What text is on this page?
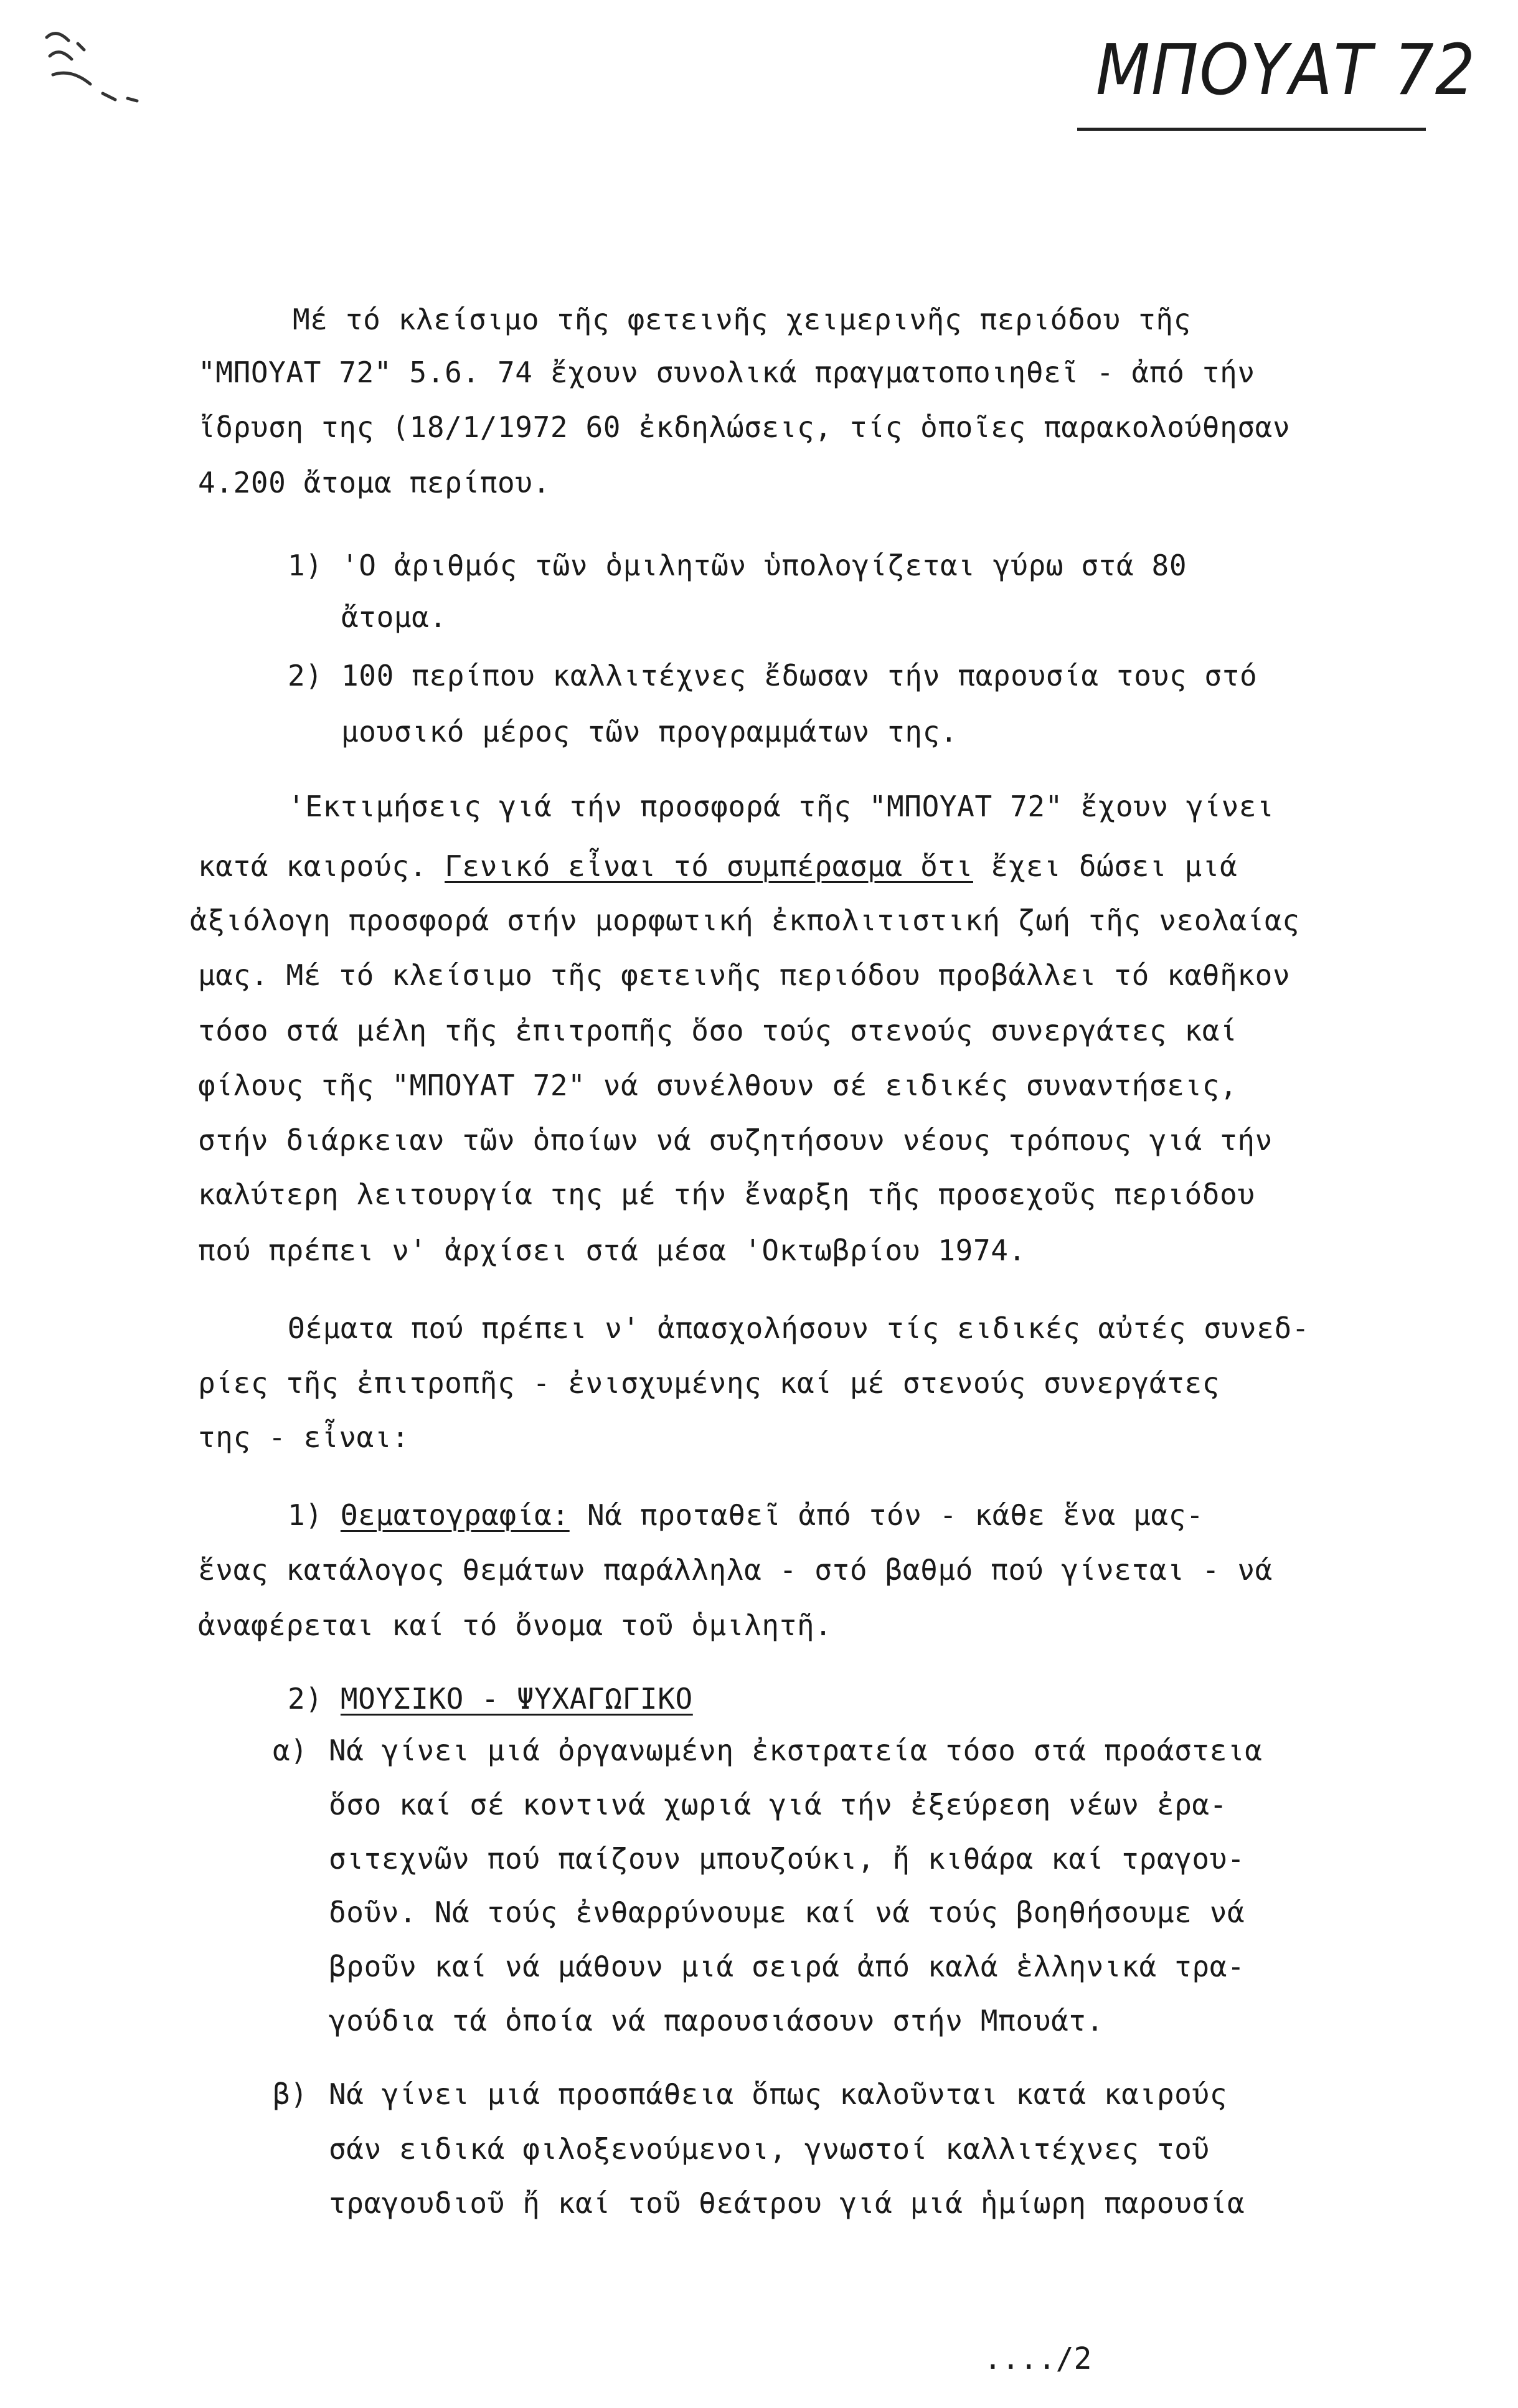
ΜΠΟΥΑΤ 72
Μέ τό κλείσιμο τῆς φετεινῆς χειμερινῆς περιόδου τῆς
"ΜΠΟΥΑΤ 72" 5.6. 74 ἔχουν συνολικά πραγματοποιηθεῖ - ἀπό τήν
ἴδρυση της (18/1/1972 60 ἐκδηλώσεις, τίς ὁποῖες παρακολούθησαν
4.200 ἄτομα περίπου.
1) 'Ο ἀριθμός τῶν ὁμιλητῶν ὑπολογίζεται γύρω στά 80
ἄτομα.
2) 100 περίπου καλλιτέχνες ἔδωσαν τήν παρουσία τους στό
μουσικό μέρος τῶν προγραμμάτων της.
'Εκτιμήσεις γιά τήν προσφορά τῆς "ΜΠΟΥΑΤ 72" ἔχουν γίνει
κατά καιρούς. Γενικό εἶναι τό συμπέρασμα ὅτι ἔχει δώσει μιά
ἀξιόλογη προσφορά στήν μορφωτική ἐκπολιτιστική ζωή τῆς νεολαίας
μας. Μέ τό κλείσιμο τῆς φετεινῆς περιόδου προβάλλει τό καθῆκον
τόσο στά μέλη τῆς ἐπιτροπῆς ὅσο τούς στενούς συνεργάτες καί
φίλους τῆς "ΜΠΟΥΑΤ 72" νά συνέλθουν σέ ειδικές συναντήσεις,
στήν διάρκειαν τῶν ὁποίων νά συζητήσουν νέους τρόπους γιά τήν
καλύτερη λειτουργία της μέ τήν ἔναρξη τῆς προσεχοῦς περιόδου
πού πρέπει ν' ἀρχίσει στά μέσα 'Οκτωβρίου 1974.
Θέματα πού πρέπει ν' ἀπασχολήσουν τίς ειδικές αὐτές συνεδ-
ρίες τῆς ἐπιτροπῆς - ἐνισχυμένης καί μέ στενούς συνεργάτες
της - εἶναι:
1) Θεματογραφία: Νά προταθεῖ ἀπό τόν - κάθε ἕνα μας-
ἕνας κατάλογος θεμάτων παράλληλα - στό βαθμό πού γίνεται - νά
ἀναφέρεται καί τό ὄνομα τοῦ ὁμιλητῆ.
2) ΜΟΥΣΙΚΟ - ΨΥΧΑΓΩΓΙΚΟ
α) Νά γίνει μιά ὀργανωμένη ἐκστρατεία τόσο στά προάστεια
ὅσο καί σέ κοντινά χωριά γιά τήν ἐξεύρεση νέων ἐρα-
σιτεχνῶν πού παίζουν μπουζούκι, ἤ κιθάρα καί τραγου-
δοῦν. Νά τούς ἐνθαρρύνουμε καί νά τούς βοηθήσουμε νά
βροῦν καί νά μάθουν μιά σειρά ἀπό καλά ἑλληνικά τρα-
γούδια τά ὁποία νά παρουσιάσουν στήν Μπουάτ.
β) Νά γίνει μιά προσπάθεια ὅπως καλοῦνται κατά καιρούς
σάν ειδικά φιλοξενούμενοι, γνωστοί καλλιτέχνες τοῦ
τραγουδιοῦ ἤ καί τοῦ θεάτρου γιά μιά ἡμίωρη παρουσία
..../2
